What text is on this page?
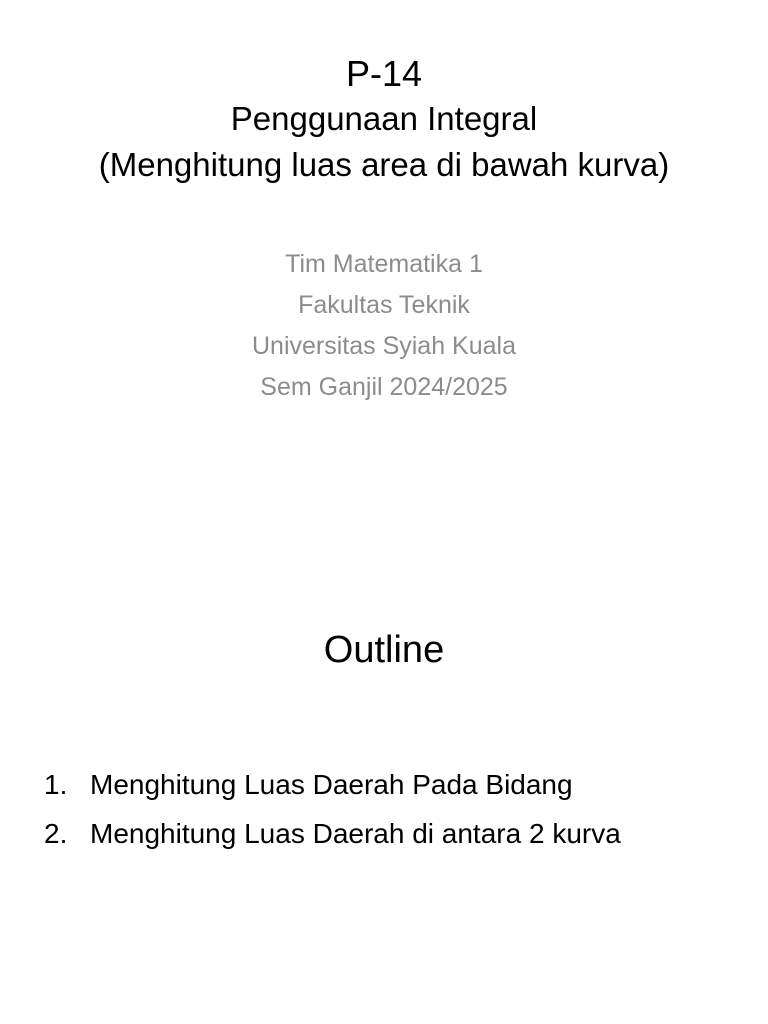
P-14
Penggunaan Integral
(Menghitung luas area di bawah kurva)
Tim Matematika 1
Fakultas Teknik
Universitas Syiah Kuala
Sem Ganjil 2024/2025
Outline
1. Menghitung Luas Daerah Pada Bidang
2. Menghitung Luas Daerah di antara 2 kurva
